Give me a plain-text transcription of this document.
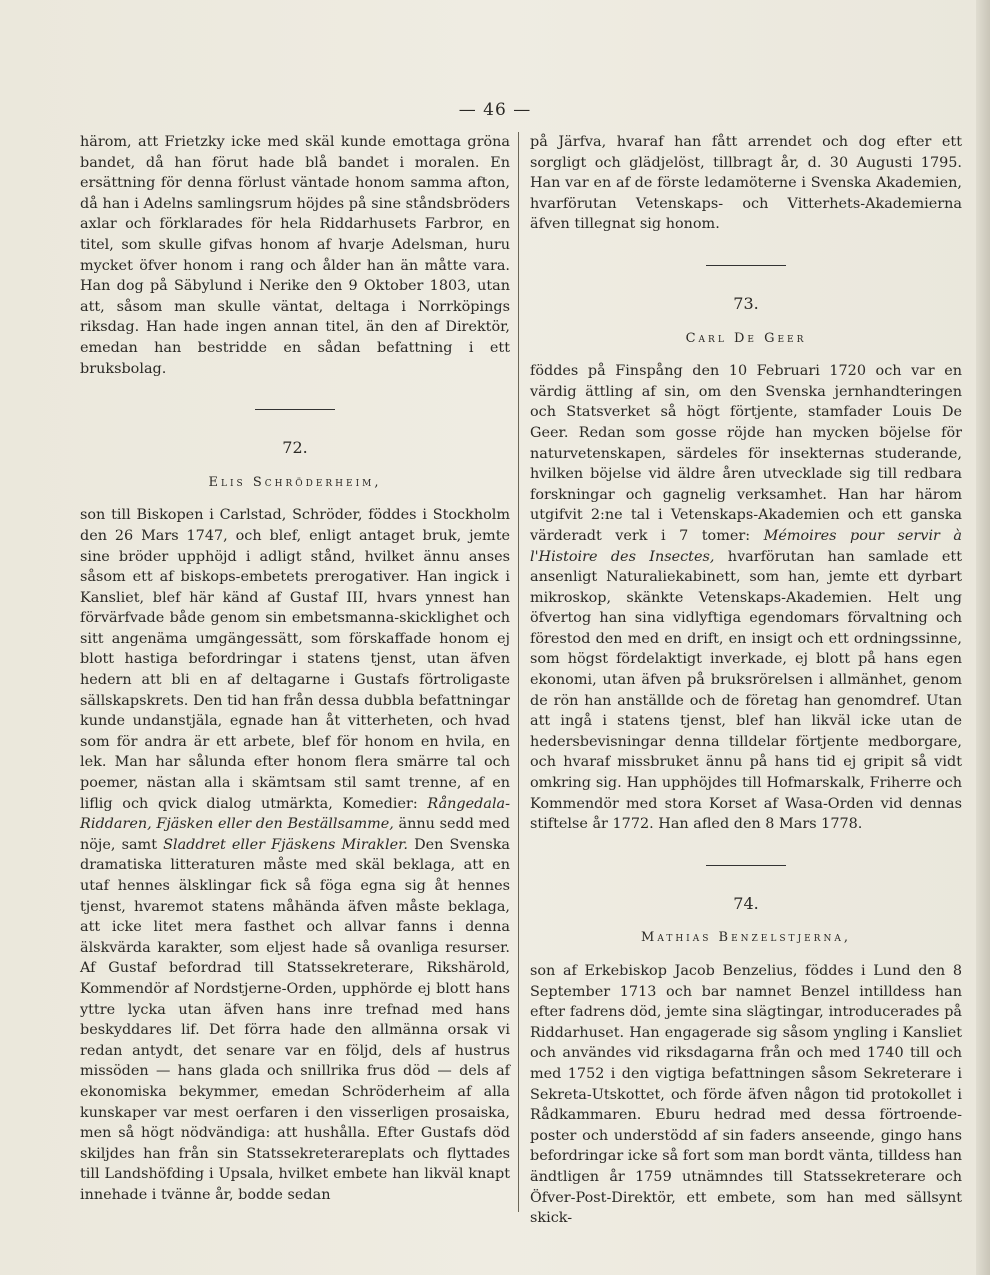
— 46 —

härom, att Frietzky icke med skäl kunde emottaga gröna bandet, då han förut hade blå bandet i moralen. En ersättning för denna förlust väntade honom samma afton, då han i Adelns samlingsrum höjdes på sine ståndsbröders axlar och förklarades för hela Riddarhusets Farbror, en titel, som skulle gifvas honom af hvarje Adelsman, huru mycket öfver honom i rang och ålder han än måtte vara. Han dog på Säbylund i Nerike den 9 Oktober 1803, utan att, såsom man skulle väntat, deltaga i Norrköpings riksdag. Han hade ingen annan titel, än den af Direktör, emedan han bestridde en sådan befattning i ett bruksbolag.

72.
Elis Schröderheim,

son till Biskopen i Carlstad, Schröder, föddes i Stockholm den 26 Mars 1747, och blef, enligt antaget bruk, jemte sine bröder upphöjd i adligt stånd, hvilket ännu anses såsom ett af biskops-embetets prerogativer. Han ingick i Kansliet, blef här känd af Gustaf III, hvars ynnest han förvärfvade både genom sin embetsmanna-skicklighet och sitt angenäma umgängessätt, som förskaffade honom ej blott hastiga befordringar i statens tjenst, utan äfven hedern att bli en af deltagarne i Gustafs förtroligaste sällskapskrets. Den tid han från dessa dubbla befattningar kunde undanstjäla, egnade han åt vitterheten, och hvad som för andra är ett arbete, blef för honom en hvila, en lek. Man har sålunda efter honom flera smärre tal och poemer, nästan alla i skämtsam stil samt trenne, af en liflig och qvick dialog utmärkta, Komedier: Rångedala-Riddaren, Fjäsken eller den Beställsamme, ännu sedd med nöje, samt Sladdret eller Fjäskens Mirakler. Den Svenska dramatiska litteraturen måste med skäl beklaga, att en utaf hennes älsklingar fick så föga egna sig åt hennes tjenst, hvaremot statens måhända äfven måste beklaga, att icke litet mera fasthet och allvar fanns i denna älskvärda karakter, som eljest hade så ovanliga resurser. Af Gustaf befordrad till Statssekreterare, Rikshärold, Kommendör af Nordstjerne-Orden, upphörde ej blott hans yttre lycka utan äfven hans inre trefnad med hans beskyddares lif. Det förra hade den allmänna orsak vi redan antydt, det senare var en följd, dels af hustrus missöden — hans glada och snillrika frus död — dels af ekonomiska bekymmer, emedan Schröderheim af alla kunskaper var mest oerfaren i den visserligen prosaiska, men så högt nödvändiga: att hushålla. Efter Gustafs död skiljdes han från sin Statssekreterareplats och flyttades till Landshöfding i Upsala, hvilket embete han likväl knapt innehade i tvänne år, bodde sedan

på Järfva, hvaraf han fått arrendet och dog efter ett sorgligt och glädjelöst, tillbragt år, d. 30 Augusti 1795. Han var en af de förste ledamöterne i Svenska Akademien, hvarförutan Vetenskaps- och Vitterhets-Akademierna äfven tillegnat sig honom.

73.
Carl De Geer

föddes på Finspång den 10 Februari 1720 och var en värdig ättling af sin, om den Svenska jernhandteringen och Statsverket så högt förtjente, stamfader Louis De Geer. Redan som gosse röjde han mycken böjelse för naturvetenskapen, särdeles för insekternas studerande, hvilken böjelse vid äldre åren utvecklade sig till redbara forskningar och gagnelig verksamhet. Han har härom utgifvit 2:ne tal i Vetenskaps-Akademien och ett ganska värderadt verk i 7 tomer: Mémoires pour servir à l'Histoire des Insectes, hvarförutan han samlade ett ansenligt Naturaliekabinett, som han, jemte ett dyrbart mikroskop, skänkte Vetenskaps-Akademien. Helt ung öfvertog han sina vidlyftiga egendomars förvaltning och förestod den med en drift, en insigt och ett ordningssinne, som högst fördelaktigt inverkade, ej blott på hans egen ekonomi, utan äfven på bruksrörelsen i allmänhet, genom de rön han anställde och de företag han genomdref. Utan att ingå i statens tjenst, blef han likväl icke utan de hedersbevisningar denna tilldelar förtjente medborgare, och hvaraf missbruket ännu på hans tid ej gripit så vidt omkring sig. Han upphöjdes till Hofmarskalk, Friherre och Kommendör med stora Korset af Wasa-Orden vid dennas stiftelse år 1772. Han afled den 8 Mars 1778.

74.
Mathias Benzelstjerna,

son af Erkebiskop Jacob Benzelius, föddes i Lund den 8 September 1713 och bar namnet Benzel intilldess han efter fadrens död, jemte sina slägtingar, introducerades på Riddarhuset. Han engagerade sig såsom yngling i Kansliet och användes vid riksdagarna från och med 1740 till och med 1752 i den vigtiga befattningen såsom Sekreterare i Sekreta-Utskottet, och förde äfven någon tid protokollet i Rådkammaren. Eburu hedrad med dessa förtroende-poster och understödd af sin faders anseende, gingo hans befordringar icke så fort som man bordt vänta, tilldess han ändtligen år 1759 utnämndes till Statssekreterare och Öfver-Post-Direktör, ett embete, som han med sällsynt skick-
